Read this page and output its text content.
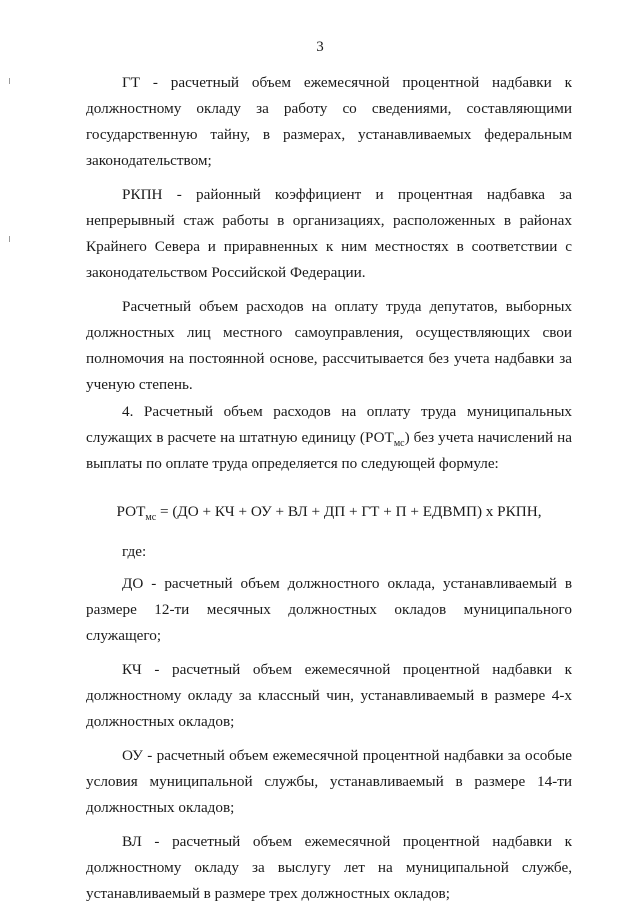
3

ГТ - расчетный объем ежемесячной процентной надбавки к должностному окладу за работу со сведениями, составляющими государственную тайну, в размерах, устанавливаемых федеральным законодательством;

РКПН - районный коэффициент и процентная надбавка за непрерывный стаж работы в организациях, расположенных в районах Крайнего Севера и приравненных к ним местностях в соответствии с законодательством Российской Федерации.

Расчетный объем расходов на оплату труда депутатов, выборных должностных лиц местного самоуправления, осуществляющих свои полномочия на постоянной основе, рассчитывается без учета надбавки за ученую степень.

4. Расчетный объем расходов на оплату труда муниципальных служащих в расчете на штатную единицу $(РОТ_{мс})$ без учета начислений на выплаты по оплате труда определяется по следующей формуле:

$РОТ_{мс} = (ДО$ + КЧ + ОУ + ВЛ + ДП + ГТ + П + ЕДВМП) х РКПН,

где:

ДО - расчетный объем должностного оклада, устанавливаемый в размере 12-ти месячных должностных окладов муниципального служащего;

КЧ - расчетный объем ежемесячной процентной надбавки к должностному окладу за классный чин, устанавливаемый в размере 4-х должностных окладов;

ОУ - расчетный объем ежемесячной процентной надбавки за особые условия муниципальной службы, устанавливаемый в размере 14-ти должностных окладов;

ВЛ - расчетный объем ежемесячной процентной надбавки к должностному окладу за выслугу лет на муниципальной службе, устанавливаемый в размере трех должностных окладов;
